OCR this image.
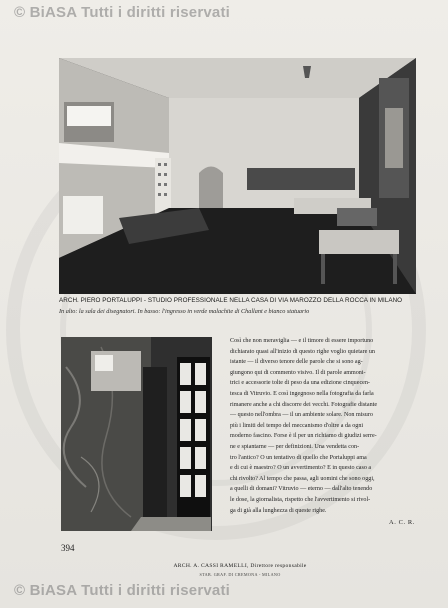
© BiASA Tutti i diritti riservati
ARCH. PIERO PORTALUPPI - STUDIO PROFESSIONALE NELLA CASA DI VIA MAROZZO DELLA ROCCA IN MILANO
In alto: la sala dei disegnatori. In basso: l'ingresso in verde malachite di Challant e bianco statuario
Così che non meraviglia — e il timore di essere importuno
dichiarato quasi all'inizio di questo righe voglio quietare un
istante — il diverso tenore delle parole che si sono ag-
giungono qui di commento visivo. Il di parole ammoni-
trici e accessorie tolte di peso da una edizione cinquecen-
tesca di Vitruvio. E così ingegnoso nella fotografia da farla
rimanere anche a chi discorre dei vecchi. Fotografie distante
— questo nell'ombra — il un ambiente solare. Non misuro
più i limiti del tempo del meccanismo d'oltre a da ogni
moderno fascino. Forse è il per un richiamo di giudizi serre-
ne e spiantarne — per definizioni. Una vendetta con-
tro l'antico? O un tentativo di quello che Portaluppi ama
e di cui è maestro? O un avvertimento? E in questo caso a
chi rivolto? Al tempo che passa, agli uomini che sono oggi,
a quelli di domani? Vitruvio — eterno — dall'alto tenendo
le dose, la giornalista, rispetto che l'avvertimento si rivol-
ga di già alla lunghezza di queste righe.
A. C. R.
394
ARCH. A. CASSI RAMELLI, Direttore responsabile
STAB. GRAF. DI CREMONA - MILANO
© BiASA Tutti i diritti riservati
